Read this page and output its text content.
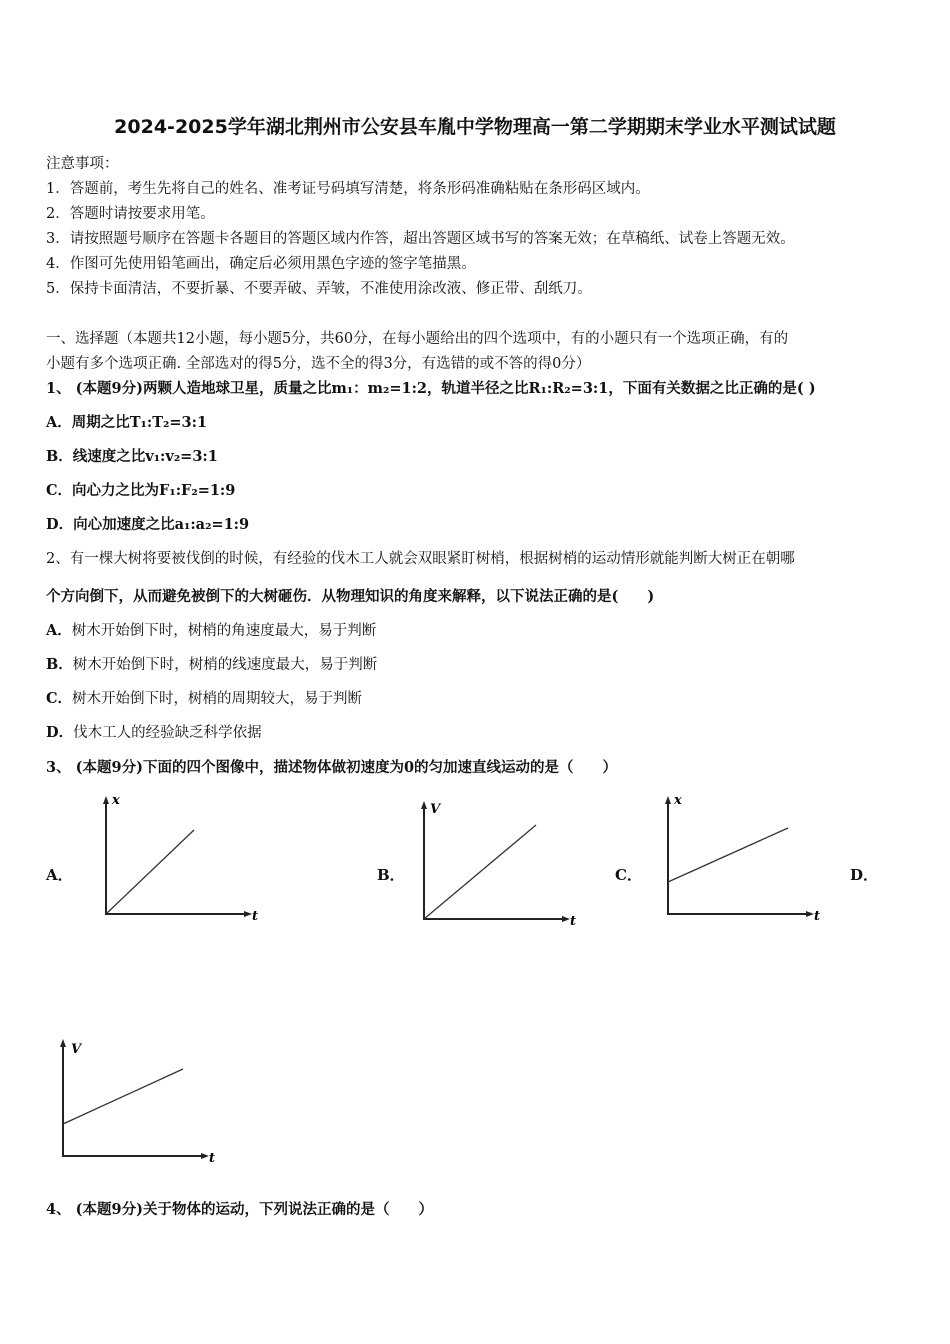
2024-2025学年湖北荆州市公安县车胤中学物理高一第二学期期末学业水平测试试题
注意事项：
1．答题前，考生先将自己的姓名、准考证号码填写清楚，将条形码准确粘贴在条形码区域内。
2．答题时请按要求用笔。
3．请按照题号顺序在答题卡各题目的答题区域内作答，超出答题区域书写的答案无效；在草稿纸、试卷上答题无效。
4．作图可先使用铅笔画出，确定后必须用黑色字迹的签字笔描黑。
5．保持卡面清洁，不要折暴、不要弄破、弄皱，不准使用涂改液、修正带、刮纸刀。
一、选择题（本题共12小题，每小题5分，共60分，在每小题给出的四个选项中，有的小题只有一个选项正确，有的
小题有多个选项正确. 全部选对的得5分，选不全的得3分，有选错的或不答的得0分）
1、 (本题9分)两颗人造地球卫星，质量之比m₁：m₂=1:2，轨道半径之比R₁:R₂=3:1，下面有关数据之比正确的是( )
A．周期之比T₁:T₂=3:1
B．线速度之比v₁:v₂=3:1
C．向心力之比为F₁:F₂=1:9
D．向心加速度之比a₁:a₂=1:9
2、有一棵大树将要被伐倒的时候，有经验的伐木工人就会双眼紧盯树梢，根据树梢的运动情形就能判断大树正在朝哪
个方向倒下，从而避免被倒下的大树砸伤．从物理知识的角度来解释，以下说法正确的是(　　)
A．树木开始倒下时，树梢的角速度最大，易于判断
B．树木开始倒下时，树梢的线速度最大，易于判断
C．树木开始倒下时，树梢的周期较大，易于判断
D．伐木工人的经验缺乏科学依据
3、 (本题9分)下面的四个图像中，描述物体做初速度为0的匀加速直线运动的是（　　）
A．	B．	C．	D．
x
t
V
t
x
t
V
t
4、 (本题9分)关于物体的运动，下列说法正确的是（　　）
